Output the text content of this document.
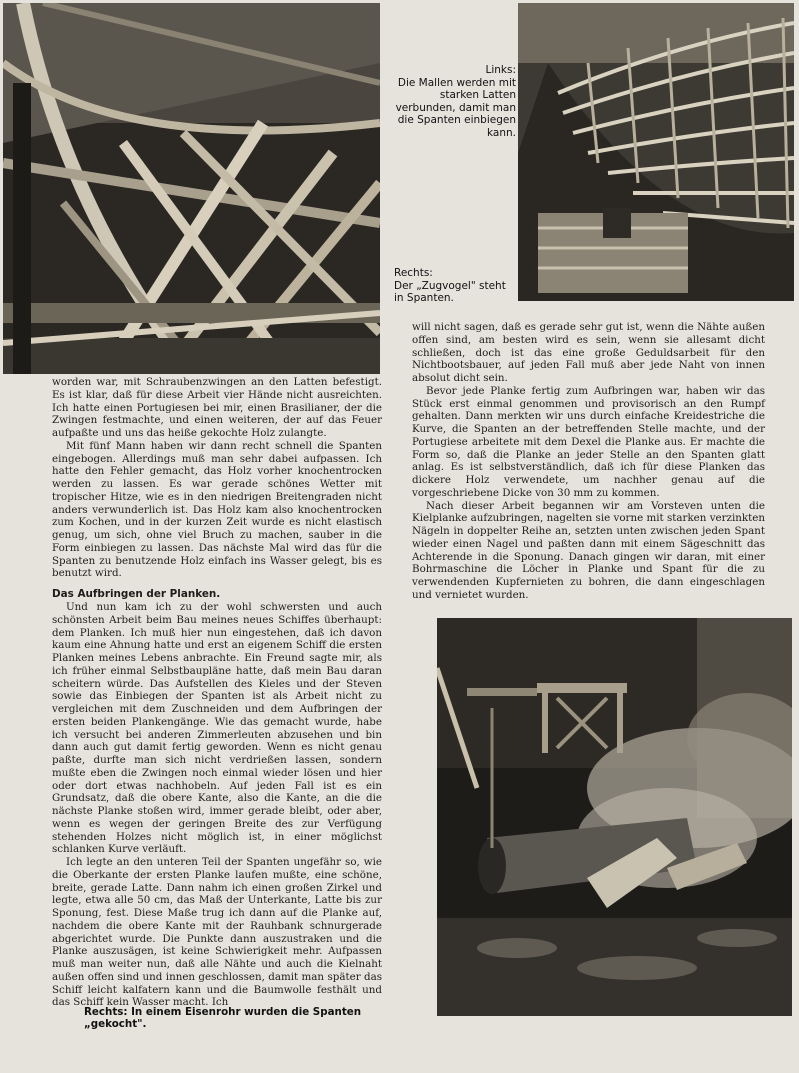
Links:
Die Mallen werden mit starken Latten verbunden, damit man die Spanten einbiegen kann.
Rechts:
Der „Zugvogel" steht in Spanten.

worden war, mit Schraubenzwingen an den Latten befestigt. Es ist klar, daß für diese Arbeit vier Hände nicht ausreichten. Ich hatte einen Portugiesen bei mir, einen Brasilianer, der die Zwingen festmachte, und einen weiteren, der auf das Feuer aufpaßte und uns das heiße gekochte Holz zulangte.

Mit fünf Mann haben wir dann recht schnell die Spanten eingebogen. Allerdings muß man sehr dabei aufpassen. Ich hatte den Fehler gemacht, das Holz vorher knochentrocken werden zu lassen. Es war gerade schönes Wetter mit tropischer Hitze, wie es in den niedrigen Breitengraden nicht anders verwunderlich ist. Das Holz kam also knochentrocken zum Kochen, und in der kurzen Zeit wurde es nicht elastisch genug, um sich, ohne viel Bruch zu machen, sauber in die Form einbiegen zu lassen. Das nächste Mal wird das für die Spanten zu benutzende Holz einfach ins Wasser gelegt, bis es benutzt wird.

Das Aufbringen der Planken.

Und nun kam ich zu der wohl schwersten und auch schönsten Arbeit beim Bau meines neues Schiffes überhaupt: dem Planken. Ich muß hier nun eingestehen, daß ich davon kaum eine Ahnung hatte und erst an eigenem Schiff die ersten Planken meines Lebens anbrachte. Ein Freund sagte mir, als ich früher einmal Selbstbaupläne hatte, daß mein Bau daran scheitern würde. Das Aufstellen des Kieles und der Steven sowie das Einbiegen der Spanten ist als Arbeit nicht zu vergleichen mit dem Zuschneiden und dem Aufbringen der ersten beiden Plankengänge. Wie das gemacht wurde, habe ich versucht bei anderen Zimmerleuten abzusehen und bin dann auch gut damit fertig geworden. Wenn es nicht genau paßte, durfte man sich nicht verdrießen lassen, sondern mußte eben die Zwingen noch einmal wieder lösen und hier oder dort etwas nachhobeln. Auf jeden Fall ist es ein Grundsatz, daß die obere Kante, also die Kante, an die die nächste Planke stoßen wird, immer gerade bleibt, oder aber, wenn es wegen der geringen Breite des zur Verfügung stehenden Holzes nicht möglich ist, in einer möglichst schlanken Kurve verläuft.

Ich legte an den unteren Teil der Spanten ungefähr so, wie die Oberkante der ersten Planke laufen mußte, eine schöne, breite, gerade Latte. Dann nahm ich einen großen Zirkel und legte, etwa alle 50 cm, das Maß der Unterkante, Latte bis zur Sponung, fest. Diese Maße trug ich dann auf die Planke auf, nachdem die obere Kante mit der Rauhbank schnurgerade abgerichtet wurde. Die Punkte dann auszustraken und die Planke auszusägen, ist keine Schwierigkeit mehr. Aufpassen muß man weiter nun, daß alle Nähte und auch die Kielnaht außen offen sind und innen geschlossen, damit man später das Schiff leicht kalfatern kann und die Baumwolle festhält und das Schiff kein Wasser macht. Ich

will nicht sagen, daß es gerade sehr gut ist, wenn die Nähte außen offen sind, am besten wird es sein, wenn sie allesamt dicht schließen, doch ist das eine große Geduldsarbeit für den Nichtbootsbauer, auf jeden Fall muß aber jede Naht von innen absolut dicht sein.

Bevor jede Planke fertig zum Aufbringen war, haben wir das Stück erst einmal genommen und provisorisch an den Rumpf gehalten. Dann merkten wir uns durch einfache Kreidestriche die Kurve, die Spanten an der betreffenden Stelle machte, und der Portugiese arbeitete mit dem Dexel die Planke aus. Er machte die Form so, daß die Planke an jeder Stelle an den Spanten glatt anlag. Es ist selbstverständlich, daß ich für diese Planken das dickere Holz verwendete, um nachher genau auf die vorgeschriebene Dicke von 30 mm zu kommen.

Nach dieser Arbeit begannen wir am Vorsteven unten die Kielplanke aufzubringen, nagelten sie vorne mit starken verzinkten Nägeln in doppelter Reihe an, setzten unten zwischen jeden Spant wieder einen Nagel und paßten dann mit einem Sägeschnitt das Achterende in die Sponung. Danach gingen wir daran, mit einer Bohrmaschine die Löcher in Planke und Spant für die zu verwendenden Kupfernieten zu bohren, die dann eingeschlagen und vernietet wurden.

Rechts: In einem Eisenrohr wurden die Spanten „gekocht".
